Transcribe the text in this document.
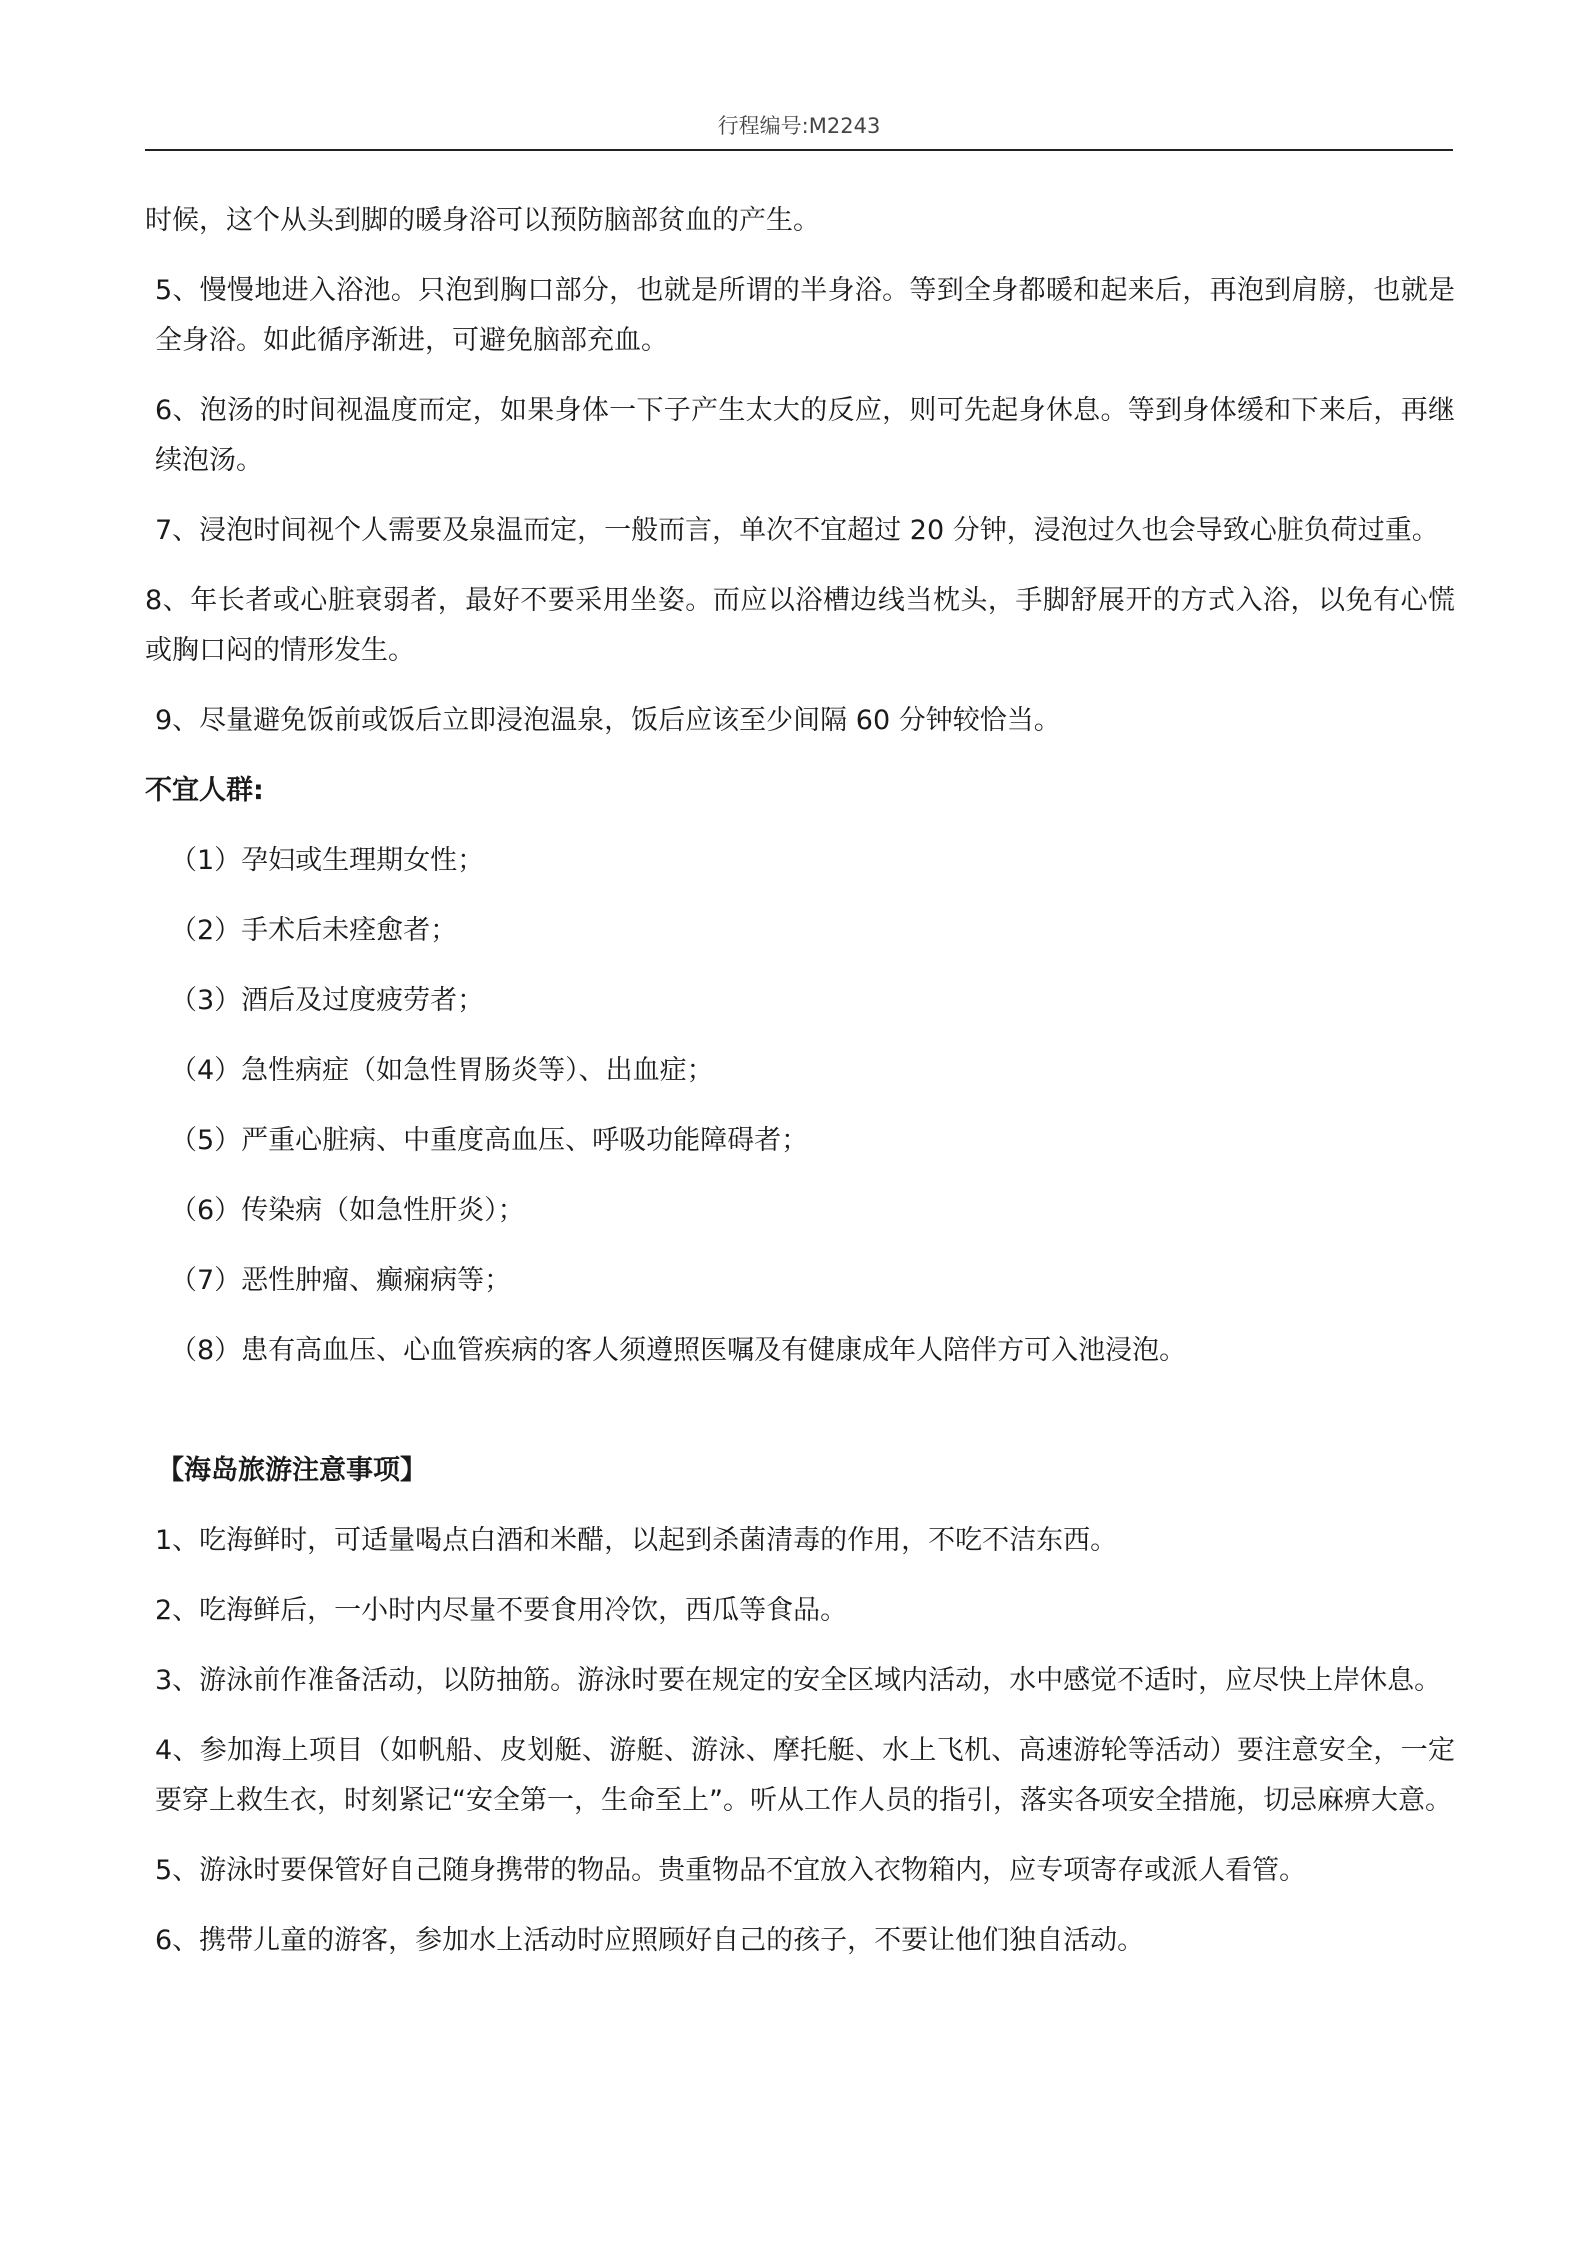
行程编号:M2243

时候，这个从头到脚的暖身浴可以预防脑部贫血的产生。

5、慢慢地进入浴池。只泡到胸口部分，也就是所谓的半身浴。等到全身都暖和起来后，再泡到肩膀，也就是全身浴。如此循序渐进，可避免脑部充血。

6、泡汤的时间视温度而定，如果身体一下子产生太大的反应，则可先起身休息。等到身体缓和下来后，再继续泡汤。

7、浸泡时间视个人需要及泉温而定，一般而言，单次不宜超过 20 分钟，浸泡过久也会导致心脏负荷过重。

8、年长者或心脏衰弱者，最好不要采用坐姿。而应以浴槽边线当枕头，手脚舒展开的方式入浴，以免有心慌或胸口闷的情形发生。

9、尽量避免饭前或饭后立即浸泡温泉，饭后应该至少间隔 60 分钟较恰当。

不宜人群:

（1）孕妇或生理期女性；

（2）手术后未痊愈者；

（3）酒后及过度疲劳者；

（4）急性病症（如急性胃肠炎等）、出血症；

（5）严重心脏病、中重度高血压、呼吸功能障碍者；

（6）传染病（如急性肝炎）；

（7）恶性肿瘤、癫痫病等；

（8）患有高血压、心血管疾病的客人须遵照医嘱及有健康成年人陪伴方可入池浸泡。

【海岛旅游注意事项】

1、吃海鲜时，可适量喝点白酒和米醋，以起到杀菌清毒的作用，不吃不洁东西。

2、吃海鲜后，一小时内尽量不要食用冷饮，西瓜等食品。

3、游泳前作准备活动，以防抽筋。游泳时要在规定的安全区域内活动，水中感觉不适时，应尽快上岸休息。

4、参加海上项目（如帆船、皮划艇、游艇、游泳、摩托艇、水上飞机、高速游轮等活动）要注意安全，一定要穿上救生衣，时刻紧记“安全第一，生命至上”。听从工作人员的指引，落实各项安全措施，切忌麻痹大意。

5、游泳时要保管好自己随身携带的物品。贵重物品不宜放入衣物箱内，应专项寄存或派人看管。

6、携带儿童的游客，参加水上活动时应照顾好自己的孩子，不要让他们独自活动。
